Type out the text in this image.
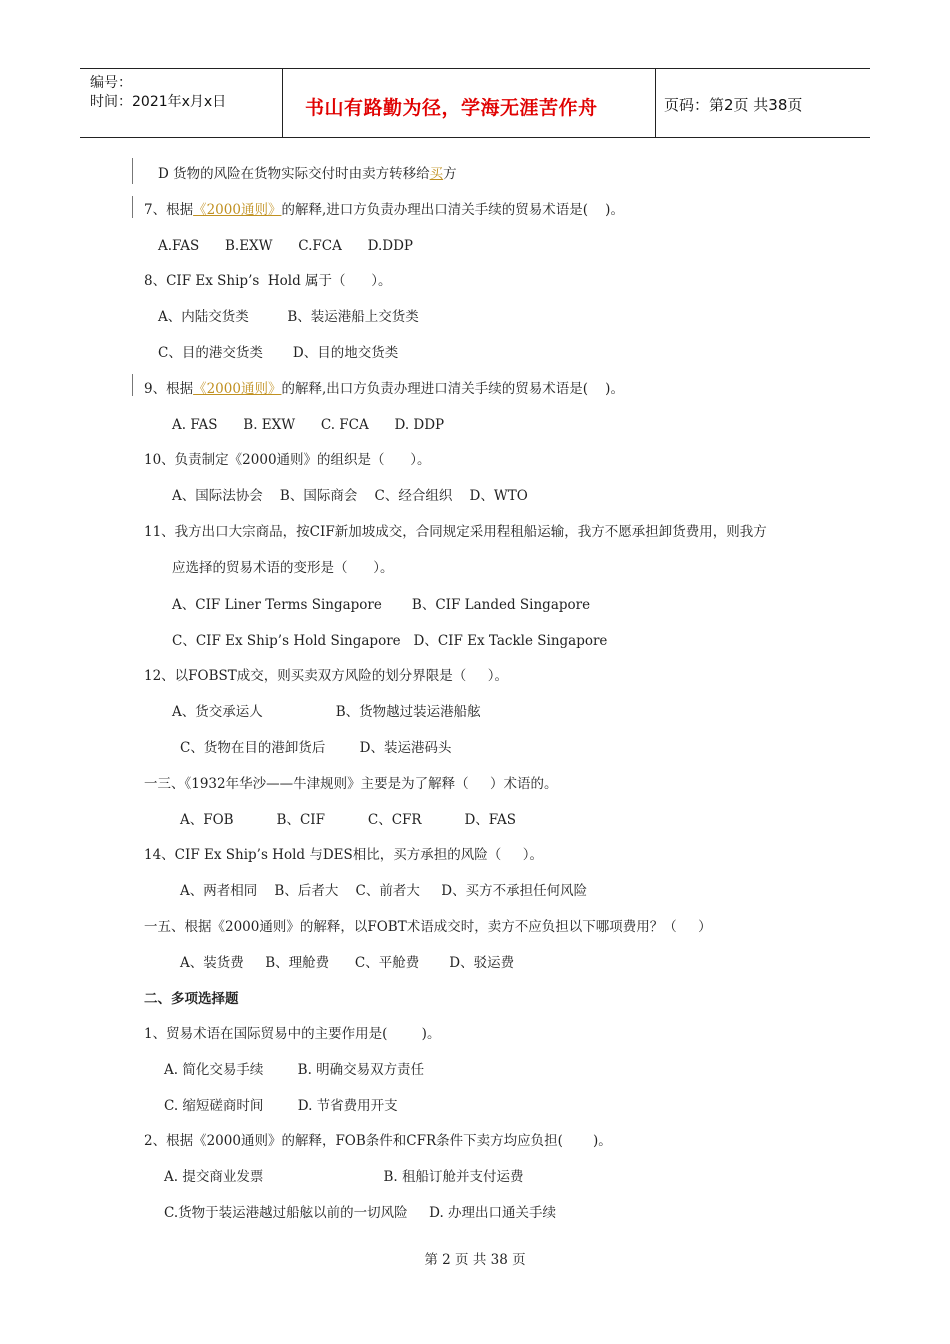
编号：
时间：2021年x月x日	书山有路勤为径，学海无涯苦作舟	页码：第2页 共38页
D 货物的风险在货物实际交付时由卖方转移给买方
7、根据《2000通则》的解释,进口方负责办理出口清关手续的贸易术语是(    )。
A.FAS      B.EXW      C.FCA      D.DDP
8、CIF Ex Ship’s  Hold 属于（      ）。
A、内陆交货类         B、装运港船上交货类
C、目的港交货类       D、目的地交货类
9、根据《2000通则》的解释,出口方负责办理进口清关手续的贸易术语是(    )。
A. FAS      B. EXW      C. FCA      D. DDP
10、负责制定《2000通则》的组织是（      ）。
A、国际法协会    B、国际商会    C、经合组织    D、WTO
11、我方出口大宗商品，按CIF新加坡成交，合同规定采用程租船运输，我方不愿承担卸货费用，则我方
应选择的贸易术语的变形是（      ）。
A、CIF Liner Terms Singapore       B、CIF Landed Singapore
C、CIF Ex Ship’s Hold Singapore   D、CIF Ex Tackle Singapore
12、以FOBST成交，则买卖双方风险的划分界限是（     ）。
A、货交承运人                 B、货物越过装运港船舷
C、货物在目的港卸货后        D、装运港码头
一三、《1932年华沙——牛津规则》主要是为了解释（     ）术语的。
A、FOB          B、CIF          C、CFR          D、FAS
14、CIF Ex Ship’s Hold 与DES相比，买方承担的风险（     ）。
A、两者相同    B、后者大    C、前者大     D、买方不承担任何风险
一五、根据《2000通则》的解释，以FOBT术语成交时，卖方不应负担以下哪项费用？（     ）
A、装货费     B、理舱费      C、平舱费       D、驳运费
二、多项选择题
1、贸易术语在国际贸易中的主要作用是(        )。
A. 简化交易手续        B. 明确交易双方责任
C. 缩短磋商时间        D. 节省费用开支
2、根据《2000通则》的解释，FOB条件和CFR条件下卖方均应负担(       )。
A. 提交商业发票                            B. 租船订舱并支付运费
C.货物于装运港越过船舷以前的一切风险     D. 办理出口通关手续
第 2 页 共 38 页
